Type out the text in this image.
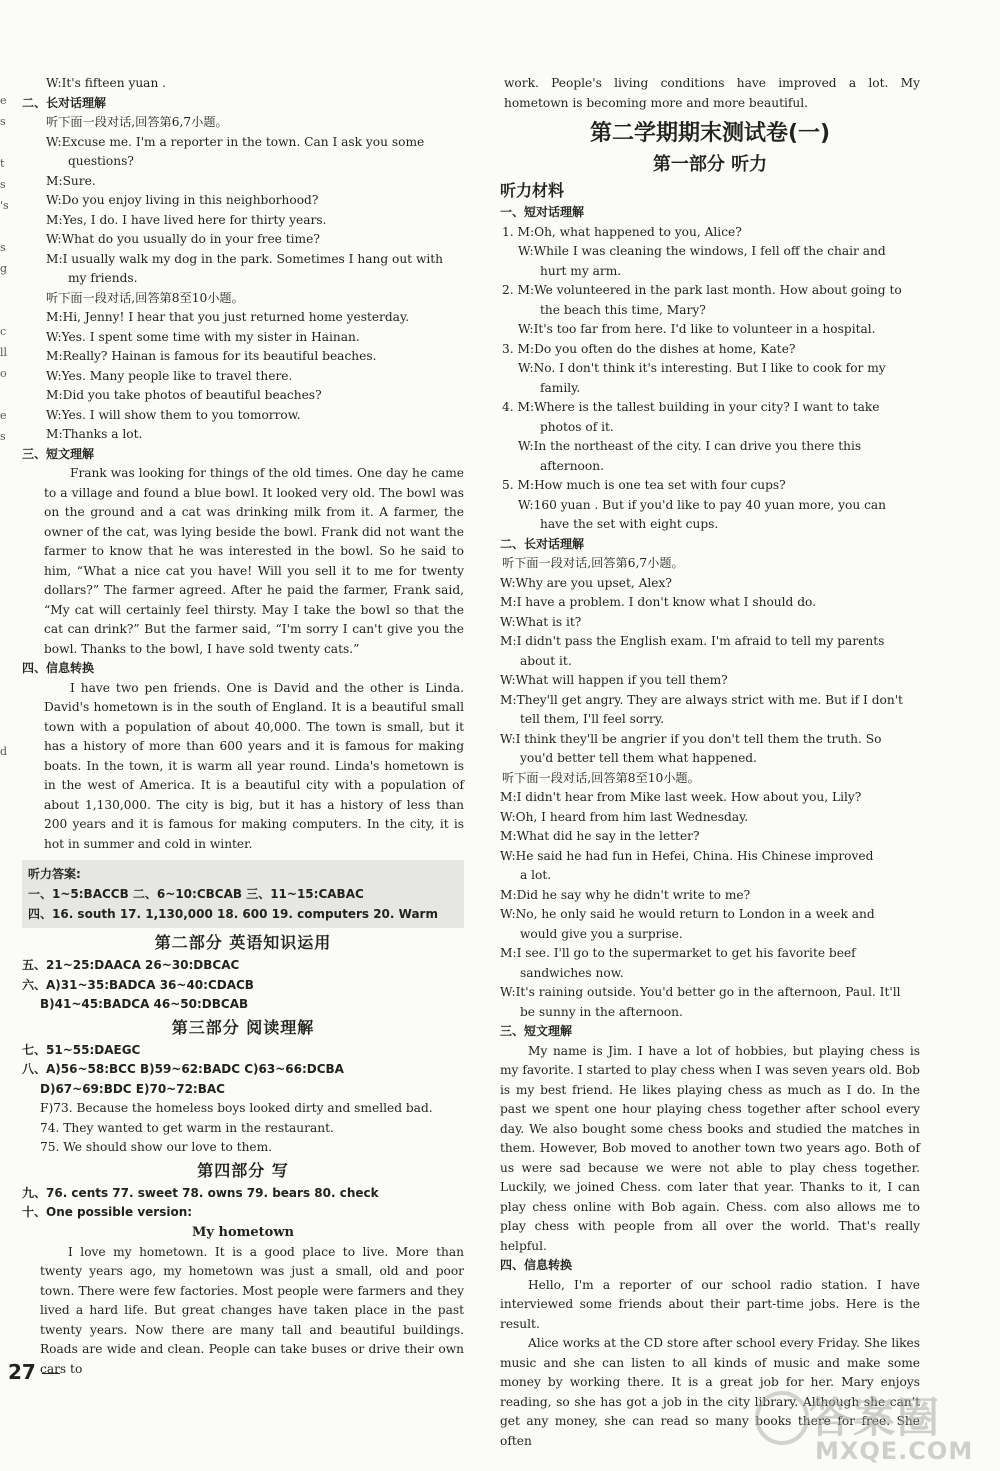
e
s

t
s
's

s
g

c
ll
o

e
s

d
W:It's fifteen yuan .
二、长对话理解
听下面一段对话,回答第6,7小题。
W:Excuse me. I'm a reporter in the town. Can I ask you some
questions?
M:Sure.
W:Do you enjoy living in this neighborhood?
M:Yes, I do. I have lived here for thirty years.
W:What do you usually do in your free time?
M:I usually walk my dog in the park. Sometimes I hang out with
my friends.
听下面一段对话,回答第8至10小题。
M:Hi, Jenny! I hear that you just returned home yesterday.
W:Yes. I spent some time with my sister in Hainan.
M:Really? Hainan is famous for its beautiful beaches.
W:Yes. Many people like to travel there.
M:Did you take photos of beautiful beaches?
W:Yes. I will show them to you tomorrow.
M:Thanks a lot.
三、短文理解

Frank was looking for things of the old times. One day he came to a village and found a blue bowl. It looked very old. The bowl was on the ground and a cat was drinking milk from it. A farmer, the owner of the cat, was lying beside the bowl. Frank did not want the farmer to know that he was interested in the bowl. So he said to him, “What a nice cat you have! Will you sell it to me for twenty dollars?” The farmer agreed. After he paid the farmer, Frank said, “My cat will certainly feel thirsty. May I take the bowl so that the cat can drink?” But the farmer said, “I'm sorry I can't give you the bowl. Thanks to the bowl, I have sold twenty cats.”

四、信息转换

I have two pen friends. One is David and the other is Linda. David's hometown is in the south of England. It is a beautiful small town with a population of about 40,000. The town is small, but it has a history of more than 600 years and it is famous for making boats. In the town, it is warm all year round. Linda's hometown is in the west of America. It is a beautiful city with a population of about 1,130,000. The city is big, but it has a history of less than 200 years and it is famous for making computers. In the city, it is hot in summer and cold in winter.

听力答案:
一、1~5:BACCB 二、6~10:CBCAB 三、11~15:CABAC
四、16. south 17. 1,130,000 18. 600 19. computers 20. Warm
第二部分 英语知识运用
五、21~25:DAACA 26~30:DBCAC
六、A)31~35:BADCA 36~40:CDACB
B)41~45:BADCA 46~50:DBCAB
第三部分 阅读理解
七、51~55:DAEGC
八、A)56~58:BCC B)59~62:BADC C)63~66:DCBA
D)67~69:BDC E)70~72:BAC
F)73. Because the homeless boys looked dirty and smelled bad.
74. They wanted to get warm in the restaurant.
75. We should show our love to them.
第四部分 写
九、76. cents 77. sweet 78. owns 79. bears 80. check
十、One possible version:
My hometown

I love my hometown. It is a good place to live. More than twenty years ago, my hometown was just a small, old and poor town. There were few factories. Most people were farmers and they lived a hard life. But great changes have taken place in the past twenty years. Now there are many tall and beautiful buildings. Roads are wide and clean. People can take buses or drive their own cars to

work. People's living conditions have improved a lot. My hometown is becoming more and more beautiful.

第二学期期末测试卷(一)
第一部分 听力
听力材料
一、短对话理解
1. M:Oh, what happened to you, Alice?
W:While I was cleaning the windows, I fell off the chair and
hurt my arm.
2. M:We volunteered in the park last month. How about going to
the beach this time, Mary?
W:It's too far from here. I'd like to volunteer in a hospital.
3. M:Do you often do the dishes at home, Kate?
W:No. I don't think it's interesting. But I like to cook for my
family.
4. M:Where is the tallest building in your city? I want to take
photos of it.
W:In the northeast of the city. I can drive you there this
afternoon.
5. M:How much is one tea set with four cups?
W:160 yuan . But if you'd like to pay 40 yuan more, you can
have the set with eight cups.
二、长对话理解
听下面一段对话,回答第6,7小题。
W:Why are you upset, Alex?
M:I have a problem. I don't know what I should do.
W:What is it?
M:I didn't pass the English exam. I'm afraid to tell my parents
about it.
W:What will happen if you tell them?
M:They'll get angry. They are always strict with me. But if I don't
tell them, I'll feel sorry.
W:I think they'll be angrier if you don't tell them the truth. So
you'd better tell them what happened.
听下面一段对话,回答第8至10小题。
M:I didn't hear from Mike last week. How about you, Lily?
W:Oh, I heard from him last Wednesday.
M:What did he say in the letter?
W:He said he had fun in Hefei, China. His Chinese improved
a lot.
M:Did he say why he didn't write to me?
W:No, he only said he would return to London in a week and
would give you a surprise.
M:I see. I'll go to the supermarket to get his favorite beef
sandwiches now.
W:It's raining outside. You'd better go in the afternoon, Paul. It'll
be sunny in the afternoon.
三、短文理解

My name is Jim. I have a lot of hobbies, but playing chess is my favorite. I started to play chess when I was seven years old. Bob is my best friend. He likes playing chess as much as I do. In the past we spent one hour playing chess together after school every day. We also bought some chess books and studied the matches in them. However, Bob moved to another town two years ago. Both of us were sad because we were not able to play chess together. Luckily, we joined Chess. com later that year. Thanks to it, I can play chess online with Bob again. Chess. com also allows me to play chess with people from all over the world. That's really helpful.

四、信息转换

Hello, I'm a reporter of our school radio station. I have interviewed some friends about their part-time jobs. Here is the result.

Alice works at the CD store after school every Friday. She likes music and she can listen to all kinds of music and make some money by working there. It is a great job for her. Mary enjoys reading, so she has got a job in the city library. Although she can't get any money, she can read so many books there for free. She often

27
答案圈
MXQE.COM
